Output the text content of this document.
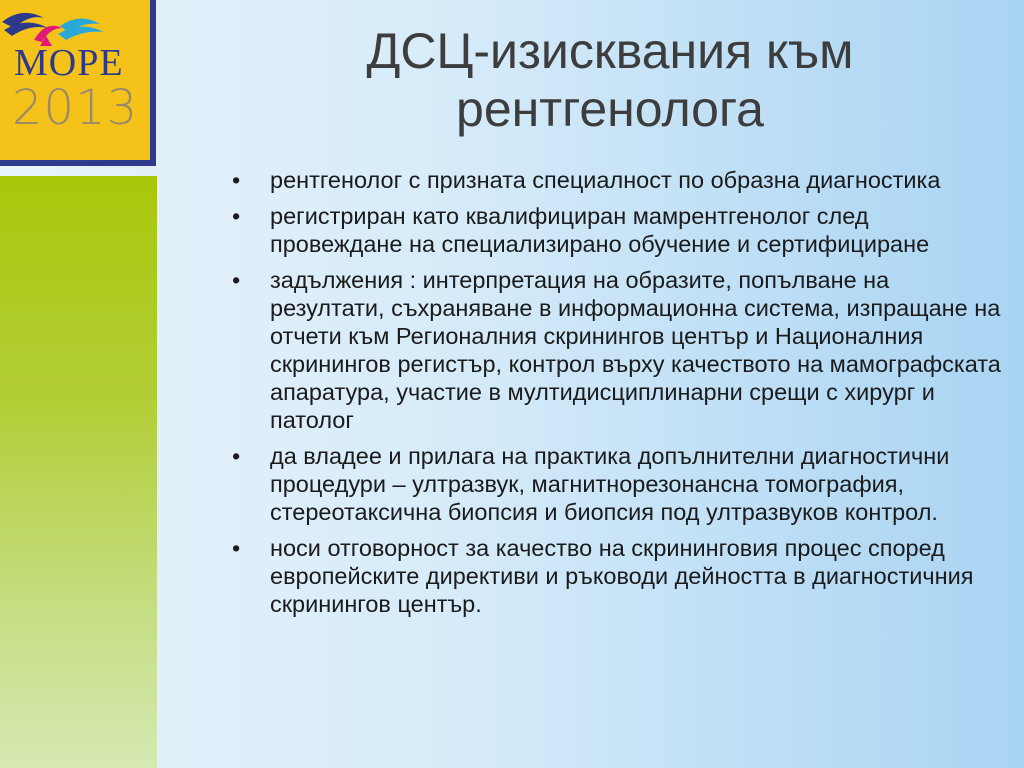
MOPE
2013
ДСЦ-изисквания към рентгенолога
•	рентгенолог с призната специалност по образна диагностика
•	регистриран като квалифициран мамрентгенолог след провеждане на специализирано обучение и сертифициране
•	задължения : интерпретация на образите, попълване на резултати, съхраняване в информационна система, изпращане на отчети към Регионалния скринингов център и Националния скринингов регистър, контрол върху качеството на мамографската апаратура, участие в мултидисциплинарни срещи с хирург и патолог
•	да владее и прилага на практика допълнителни диагностични процедури – ултразвук, магнитнорезонансна томография, стереотаксична биопсия и биопсия под ултразвуков контрол.
•	носи отговорност за качество на скрининговия процес според европейските директиви и ръководи дейността в диагностичния скринингов център.
